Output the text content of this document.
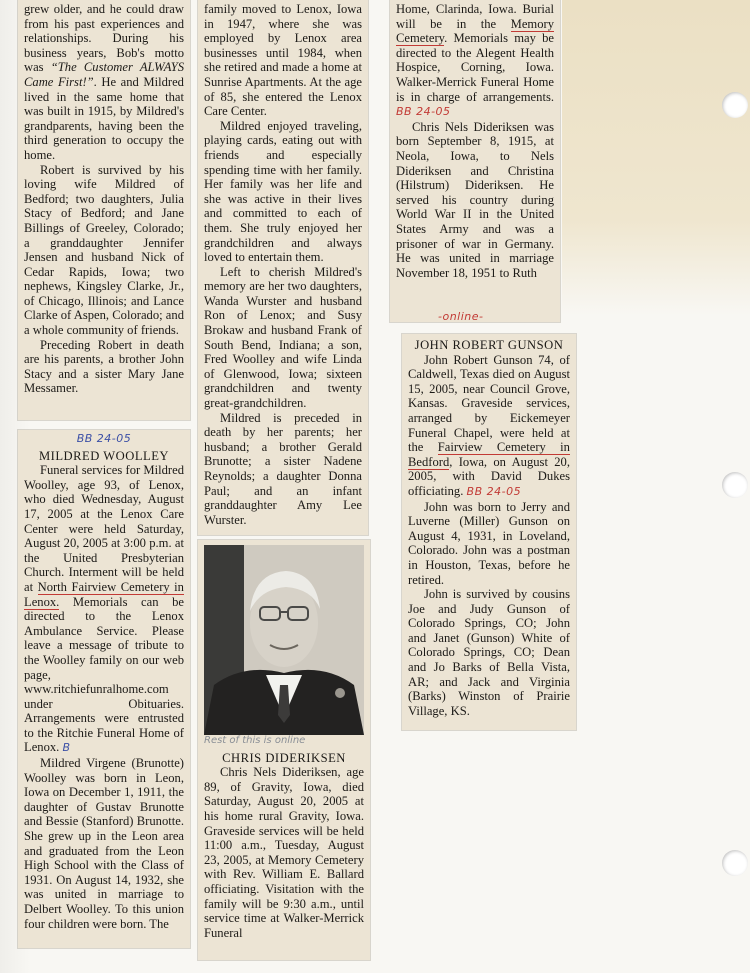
grew older, and he could draw from his past experiences and relationships. During his business years, Bob's motto was “The Customer ALWAYS Came First!”. He and Mildred lived in the same home that was built in 1915, by Mildred's grandparents, having been the third generation to occupy the home.

Robert is survived by his loving wife Mildred of Bedford; two daughters, Julia Stacy of Bedford; and Jane Billings of Greeley, Colorado; a granddaughter Jennifer Jensen and husband Nick of Cedar Rapids, Iowa; two nephews, Kingsley Clarke, Jr., of Chicago, Illinois; and Lance Clarke of Aspen, Colorado; and a whole community of friends.

Preceding Robert in death are his parents, a brother John Stacy and a sister Mary Jane Messamer.

BB 24-05
MILDRED WOOLLEY

Funeral services for Mildred Woolley, age 93, of Lenox, who died Wednesday, August 17, 2005 at the Lenox Care Center were held Saturday, August 20, 2005 at 3:00 p.m. at the United Presbyterian Church. Interment will be held at North Fairview Cemetery in Lenox. Memorials can be directed to the Lenox Ambulance Service. Please leave a message of tribute to the Woolley family on our web page, www.ritchiefunralhome.com under Obituaries. Arrangements were entrusted to the Ritchie Funeral Home of Lenox. B

Mildred Virgene (Brunotte) Woolley was born in Leon, Iowa on December 1, 1911, the daughter of Gustav Brunotte and Bessie (Stanford) Brunotte. She grew up in the Leon area and graduated from the Leon High School with the Class of 1931. On August 14, 1932, she was united in marriage to Delbert Woolley. To this union four children were born. The

family moved to Lenox, Iowa in 1947, where she was employed by Lenox area businesses until 1984, when she retired and made a home at Sunrise Apartments. At the age of 85, she entered the Lenox Care Center.

Mildred enjoyed traveling, playing cards, eating out with friends and especially spending time with her family. Her family was her life and she was active in their lives and committed to each of them. She truly enjoyed her grandchildren and always loved to entertain them.

Left to cherish Mildred's memory are her two daughters, Wanda Wurster and husband Ron of Lenox; and Susy Brokaw and husband Frank of South Bend, Indiana; a son, Fred Woolley and wife Linda of Glenwood, Iowa; sixteen grandchildren and twenty great-grandchildren.

Mildred is preceded in death by her parents; her husband; a brother Gerald Brunotte; a sister Nadene Reynolds; a daughter Donna Paul; and an infant granddaughter Amy Lee Wurster.

Rest of this is online
CHRIS DIDERIKSEN

Chris Nels Dideriksen, age 89, of Gravity, Iowa, died Saturday, August 20, 2005 at his home rural Gravity, Iowa. Graveside services will be held 11:00 a.m., Tuesday, August 23, 2005, at Memory Cemetery with Rev. William E. Ballard officiating. Visitation with the family will be 9:30 a.m., until service time at Walker-Merrick Funeral

Home, Clarinda, Iowa. Burial will be in the Memory Cemetery. Memorials may be directed to the Alegent Health Hospice, Corning, Iowa. Walker-Merrick Funeral Home is in charge of arrangements. BB 24-05

Chris Nels Dideriksen was born September 8, 1915, at Neola, Iowa, to Nels Dideriksen and Christina (Hilstrum) Dideriksen. He served his country during World War II in the United States Army and was a prisoner of war in Germany. He was united in marriage November 18, 1951 to Ruth

-online-
JOHN ROBERT GUNSON

John Robert Gunson 74, of Caldwell, Texas died on August 15, 2005, near Council Grove, Kansas. Graveside services, arranged by Eickemeyer Funeral Chapel, were held at the Fairview Cemetery in Bedford, Iowa, on August 20, 2005, with David Dukes officiating. BB 24-05

John was born to Jerry and Luverne (Miller) Gunson on August 4, 1931, in Loveland, Colorado. John was a postman in Houston, Texas, before he retired.

John is survived by cousins Joe and Judy Gunson of Colorado Springs, CO; John and Janet (Gunson) White of Colorado Springs, CO; Dean and Jo Barks of Bella Vista, AR; and Jack and Virginia (Barks) Winston of Prairie Village, KS.
